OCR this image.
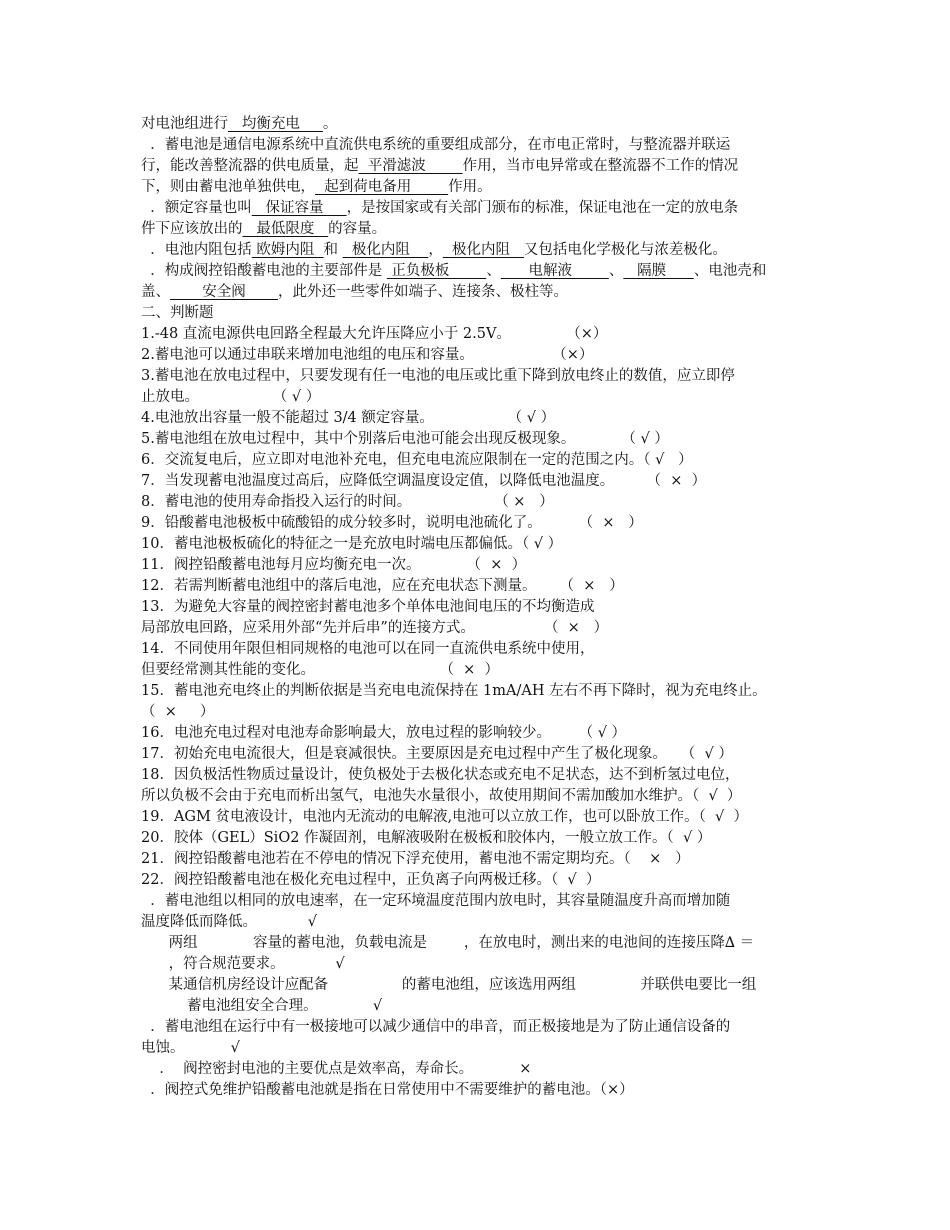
对电池组进行   均衡充电     。
．蓄电池是通信电源系统中直流供电系统的重要组成部分，在市电正常时，与整流器并联运
行，能改善整流器的供电质量，起  平滑滤波        作用，当市电异常或在整流器不工作的情况
下，则由蓄电池单独供电，  起到荷电备用        作用。
．额定容量也叫   保证容量     ，是按国家或有关部门颁布的标准，保证电池在一定的放电条
件下应该放出的   最低限度   的容量。
．电池内阻包括 欧姆内阻  和   极化内阻    ，  极化内阻   又包括电化学极化与浓差极化。
．构成阀控铅酸蓄电池的主要部件是  正负极板        、      电解液        、   隔膜      、电池壳和
盖、       安全阀       ，此外还一些零件如端子、连接条、极柱等。
二、判断题
1.-48 直流电源供电回路全程最大允许压降应小于 2.5V。            （×）
2.蓄电池可以通过串联来增加电池组的电压和容量。                 （×）
3.蓄电池在放电过程中，只要发现有任一电池的电压或比重下降到放电终止的数值，应立即停
止放电。                （ √ ）
4.电池放出容量一般不能超过 3/4 额定容量。                （ √ ）
5.蓄电池组在放电过程中，其中个别落后电池可能会出现反极现象。          （ √ ）
6．交流复电后，应立即对电池补充电，但充电电流应限制在一定的范围之内。（ √   ）
7．当发现蓄电池温度过高后，应降低空调温度设定值，以降低电池温度。       （  ×  ）
8．蓄电池的使用寿命指投入运行的时间。                  （ ×   ）
9．铅酸蓄电池极板中硫酸铅的成分较多时，说明电池硫化了。        （  ×   ）
10．蓄电池极板硫化的特征之一是充放电时端电压都偏低。（ √ ）
11．阀控铅酸蓄电池每月应均衡充电一次。          （  ×  ）
12．若需判断蓄电池组中的落后电池，应在充电状态下测量。     （  ×   ）
13．为避免大容量的阀控密封蓄电池多个单体电池间电压的不均衡造成
局部放电回路，应采用外部“先并后串”的连接方式。               （  ×   ）
14．不同使用年限但相同规格的电池可以在同一直流供电系统中使用，
但要经常测其性能的变化。                           （  ×  ）
15．蓄电池充电终止的判断依据是当充电电流保持在 1mA/AH 左右不再下降时，视为充电终止。
（  ×     ）
16．电池充电过程对电池寿命影响最大，放电过程的影响较少。      （ √ ）
17．初始充电电流很大，但是衰减很快。主要原因是充电过程中产生了极化现象。   （  √ ）
18．因负极活性物质过量设计，使负极处于去极化状态或充电不足状态，达不到析氢过电位，
所以负极不会由于充电而析出氢气，电池失水量很小，故使用期间不需加酸加水维护。（  √  ）
19．AGM 贫电液设计，电池内无流动的电解液,电池可以立放工作，也可以卧放工作。（  √  ）
20．胶体（GEL）SiO2 作凝固剂，电解液吸附在极板和胶体内，一般立放工作。（  √ ）
21．阀控铅酸蓄电池若在不停电的情况下浮充使用，蓄电池不需定期均充。（    ×   ）
22．阀控铅酸蓄电池在极化充电过程中，正负离子向两极迁移。（  √  ）
．蓄电池组以相同的放电速率，在一定环境温度范围内放电时，其容量随温度升高而增加随
温度降低而降低。           √
两组            容量的蓄电池，负载电流是        ，在放电时，测出来的电池间的连接压降∆ ＝
，符合规范要求。           √
某通信机房经设计应配备                的蓄电池组，应该选用两组              并联供电要比一组
蓄电池组安全合理。            √
．蓄电池组在运行中有一极接地可以减少通信中的串音，而正极接地是为了防止通信设备的
电蚀。          √
．  阀控密封电池的主要优点是效率高，寿命长。          ×
．阀控式免维护铅酸蓄电池就是指在日常使用中不需要维护的蓄电池。（×）
